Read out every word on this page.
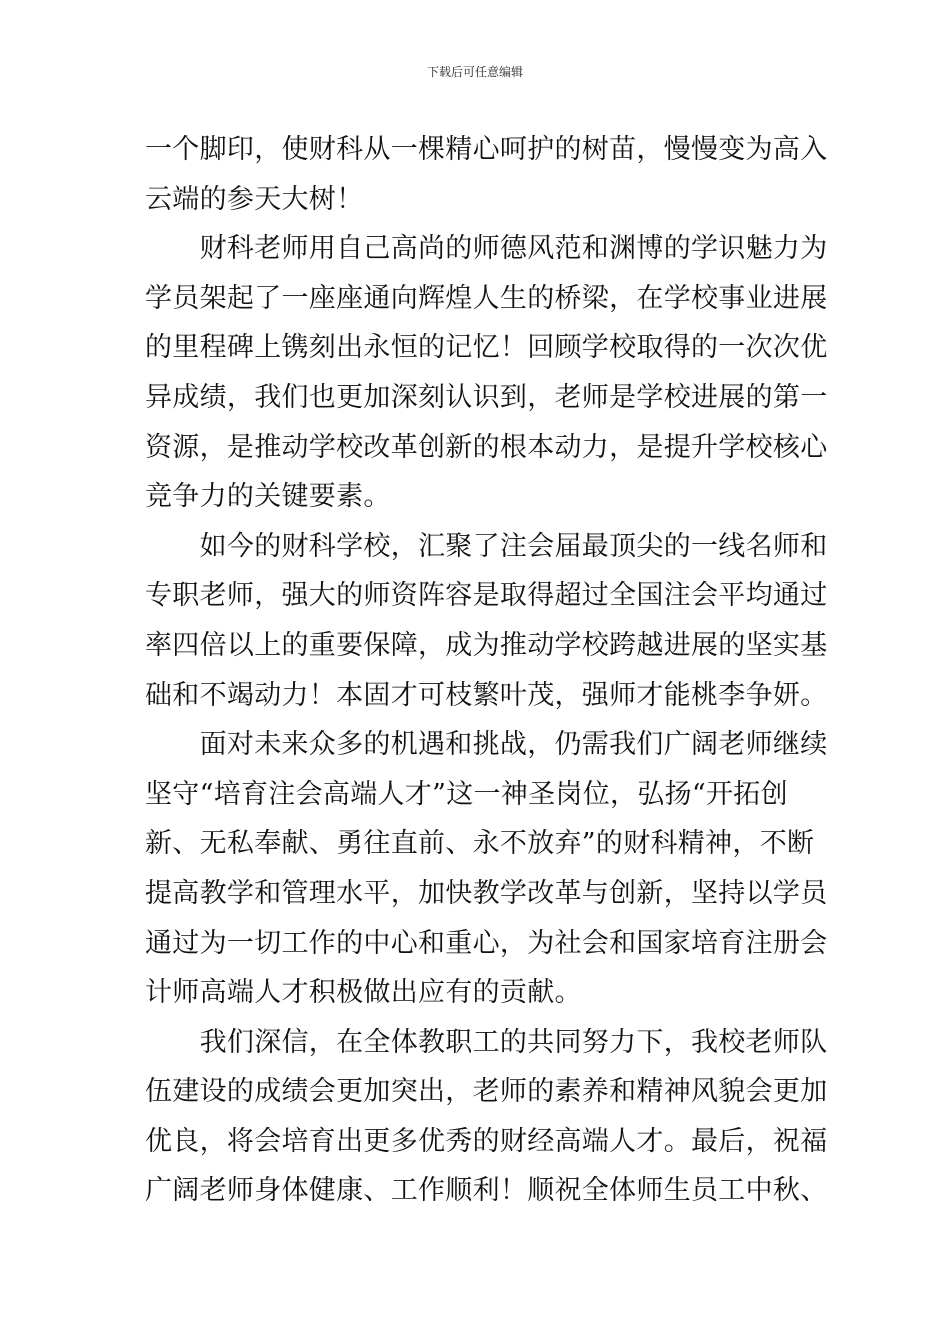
下载后可任意编辑
一个脚印，使财科从一棵精心呵护的树苗，慢慢变为高入
云端的参天大树！
　　财科老师用自己高尚的师德风范和渊博的学识魅力为
学员架起了一座座通向辉煌人生的桥梁，在学校事业进展
的里程碑上镌刻出永恒的记忆！回顾学校取得的一次次优
异成绩，我们也更加深刻认识到，老师是学校进展的第一
资源，是推动学校改革创新的根本动力，是提升学校核心
竞争力的关键要素。
　　如今的财科学校，汇聚了注会届最顶尖的一线名师和
专职老师，强大的师资阵容是取得超过全国注会平均通过
率四倍以上的重要保障，成为推动学校跨越进展的坚实基
础和不竭动力！本固才可枝繁叶茂，强师才能桃李争妍。
　　面对未来众多的机遇和挑战，仍需我们广阔老师继续
坚守“培育注会高端人才”这一神圣岗位，弘扬“开拓创
新、无私奉献、勇往直前、永不放弃”的财科精神，不断
提高教学和管理水平，加快教学改革与创新，坚持以学员
通过为一切工作的中心和重心，为社会和国家培育注册会
计师高端人才积极做出应有的贡献。
　　我们深信，在全体教职工的共同努力下，我校老师队
伍建设的成绩会更加突出，老师的素养和精神风貌会更加
优良，将会培育出更多优秀的财经高端人才。最后，祝福
广阔老师身体健康、工作顺利！顺祝全体师生员工中秋、
